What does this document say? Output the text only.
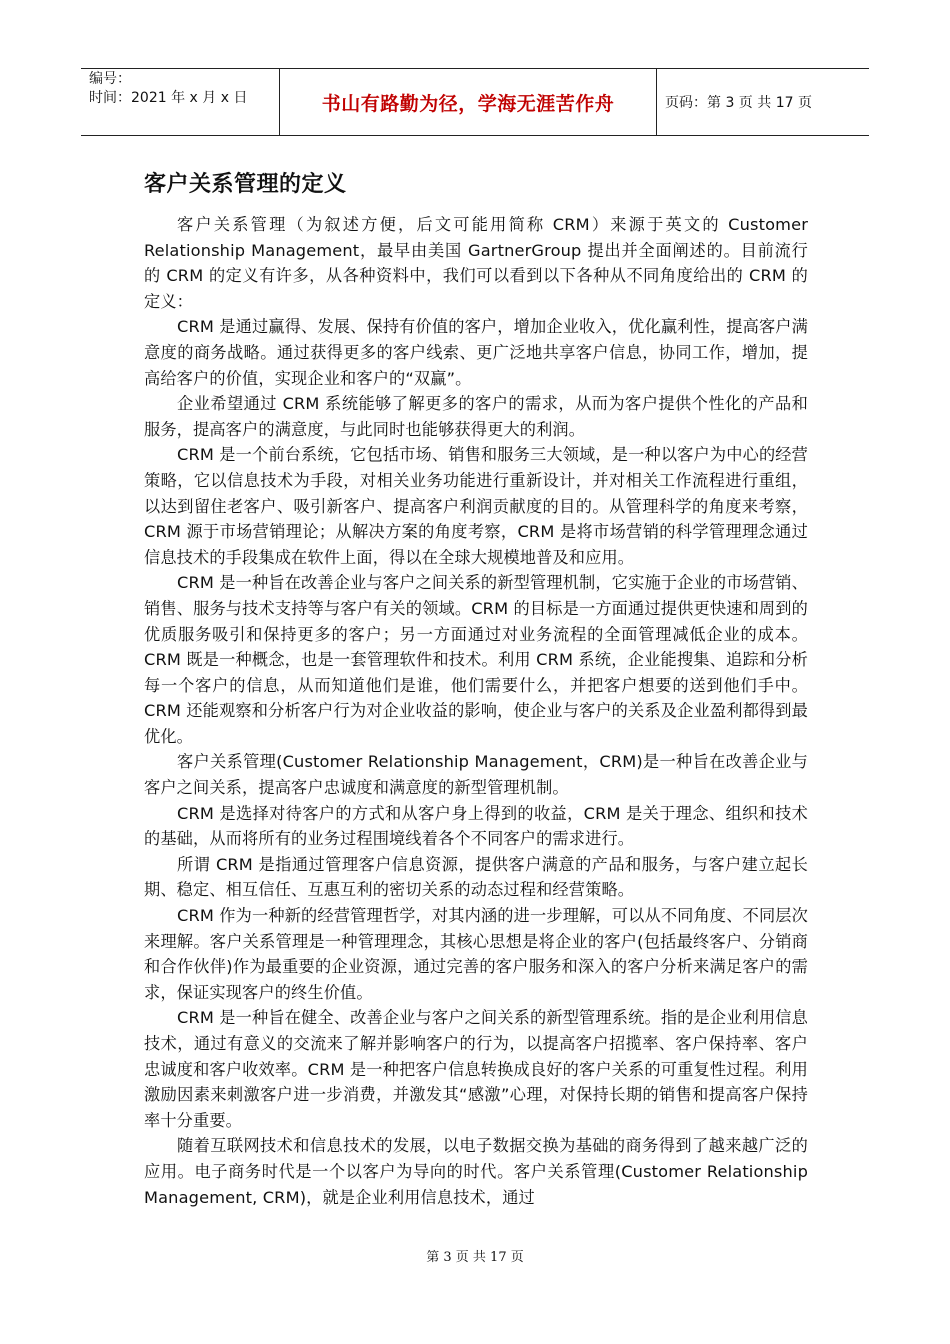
编号：
时间：2021 年 x 月 x 日	书山有路勤为径，学海无涯苦作舟	页码：第 3 页 共 17 页
客户关系管理的定义

客户关系管理（为叙述方便，后文可能用简称 CRM）来源于英文的 Customer Relationship Management，最早由美国 GartnerGroup 提出并全面阐述的。目前流行的 CRM 的定义有许多，从各种资料中，我们可以看到以下各种从不同角度给出的 CRM 的定义：

CRM 是通过赢得、发展、保持有价值的客户，增加企业收入，优化赢利性，提高客户满意度的商务战略。通过获得更多的客户线索、更广泛地共享客户信息，协同工作，增加，提高给客户的价值，实现企业和客户的“双赢”。

企业希望通过 CRM 系统能够了解更多的客户的需求，从而为客户提供个性化的产品和服务，提高客户的满意度，与此同时也能够获得更大的利润。

CRM 是一个前台系统，它包括市场、销售和服务三大领域，是一种以客户为中心的经营策略，它以信息技术为手段，对相关业务功能进行重新设计，并对相关工作流程进行重组，以达到留住老客户、吸引新客户、提高客户利润贡献度的目的。从管理科学的角度来考察，CRM 源于市场营销理论；从解决方案的角度考察，CRM 是将市场营销的科学管理理念通过信息技术的手段集成在软件上面，得以在全球大规模地普及和应用。

CRM 是一种旨在改善企业与客户之间关系的新型管理机制，它实施于企业的市场营销、销售、服务与技术支持等与客户有关的领域。CRM 的目标是一方面通过提供更快速和周到的优质服务吸引和保持更多的客户；另一方面通过对业务流程的全面管理减低企业的成本。CRM 既是一种概念，也是一套管理软件和技术。利用 CRM 系统，企业能搜集、追踪和分析每一个客户的信息，从而知道他们是谁，他们需要什么，并把客户想要的送到他们手中。CRM 还能观察和分析客户行为对企业收益的影响，使企业与客户的关系及企业盈利都得到最优化。

客户关系管理(Customer Relationship Management，CRM)是一种旨在改善企业与客户之间关系，提高客户忠诚度和满意度的新型管理机制。

CRM 是选择对待客户的方式和从客户身上得到的收益，CRM 是关于理念、组织和技术的基础，从而将所有的业务过程围境线着各个不同客户的需求进行。

所谓 CRM 是指通过管理客户信息资源，提供客户满意的产品和服务，与客户建立起长期、稳定、相互信任、互惠互利的密切关系的动态过程和经营策略。

CRM 作为一种新的经营管理哲学，对其内涵的进一步理解，可以从不同角度、不同层次来理解。客户关系管理是一种管理理念，其核心思想是将企业的客户(包括最终客户、分销商和合作伙伴)作为最重要的企业资源，通过完善的客户服务和深入的客户分析来满足客户的需求，保证实现客户的终生价值。

CRM 是一种旨在健全、改善企业与客户之间关系的新型管理系统。指的是企业利用信息技术，通过有意义的交流来了解并影响客户的行为，以提高客户招揽率、客户保持率、客户忠诚度和客户收效率。CRM 是一种把客户信息转换成良好的客户关系的可重复性过程。利用激励因素来刺激客户进一步消费，并激发其“感激”心理，对保持长期的销售和提高客户保持率十分重要。

随着互联网技术和信息技术的发展，以电子数据交换为基础的商务得到了越来越广泛的应用。电子商务时代是一个以客户为导向的时代。客户关系管理(Customer Relationship Management, CRM)，就是企业利用信息技术，通过

第 3 页 共 17 页
